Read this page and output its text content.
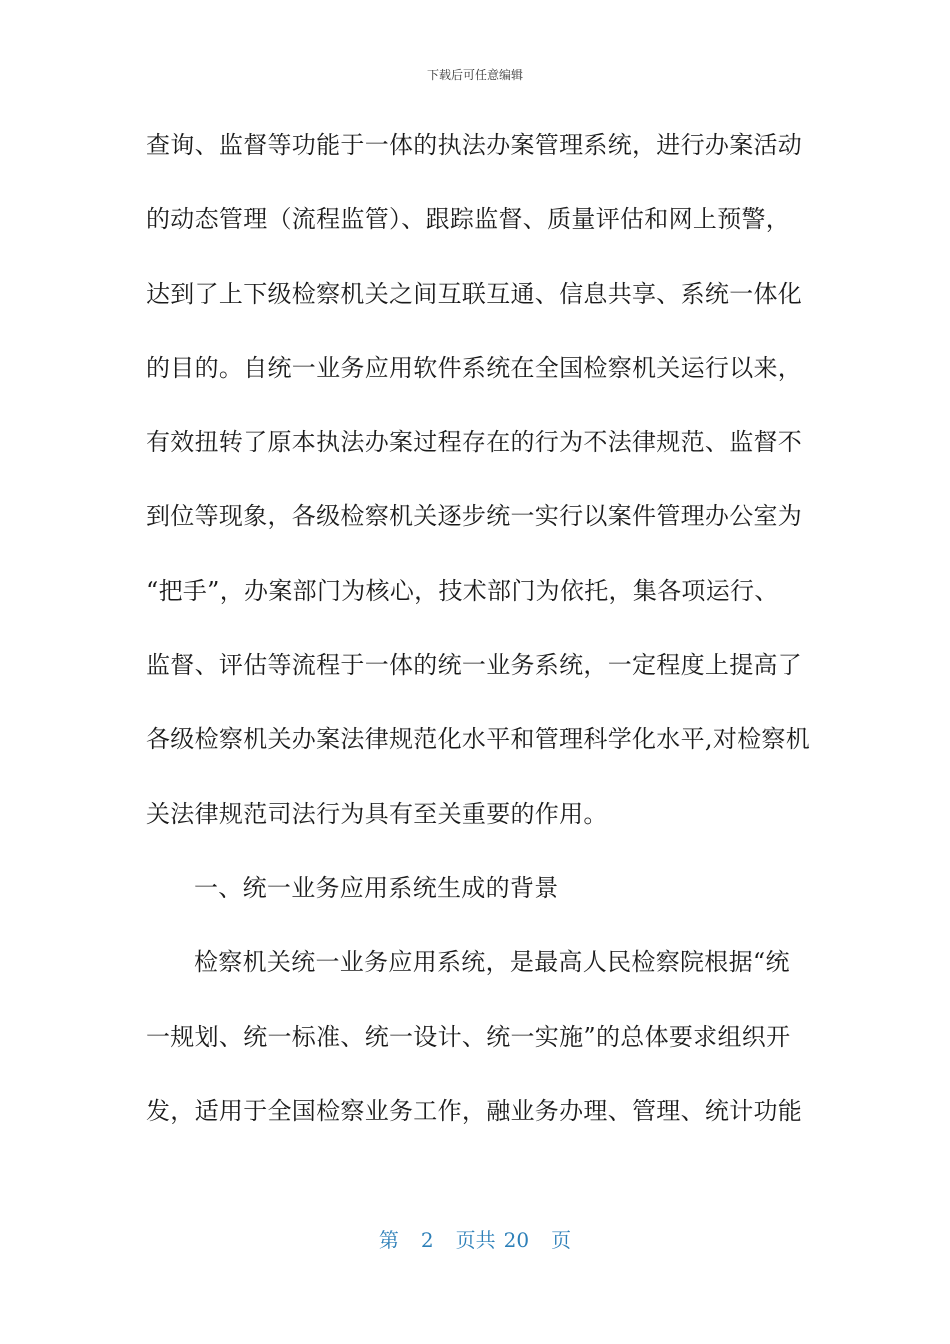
下载后可任意编辑
查询、监督等功能于一体的执法办案管理系统，进行办案活动
的动态管理（流程监管）、跟踪监督、质量评估和网上预警，
达到了上下级检察机关之间互联互通、信息共享、系统一体化
的目的。自统一业务应用软件系统在全国检察机关运行以来，
有效扭转了原本执法办案过程存在的行为不法律规范、监督不
到位等现象，各级检察机关逐步统一实行以案件管理办公室为
“把手”，办案部门为核心，技术部门为依托，集各项运行、
监督、评估等流程于一体的统一业务系统，一定程度上提高了
各级检察机关办案法律规范化水平和管理科学化水平,对检察机
关法律规范司法行为具有至关重要的作用。
一、统一业务应用系统生成的背景
检察机关统一业务应用系统，是最高人民检察院根据“统
一规划、统一标准、统一设计、统一实施”的总体要求组织开
发，适用于全国检察业务工作，融业务办理、管理、统计功能
第 2 页共 20 页
